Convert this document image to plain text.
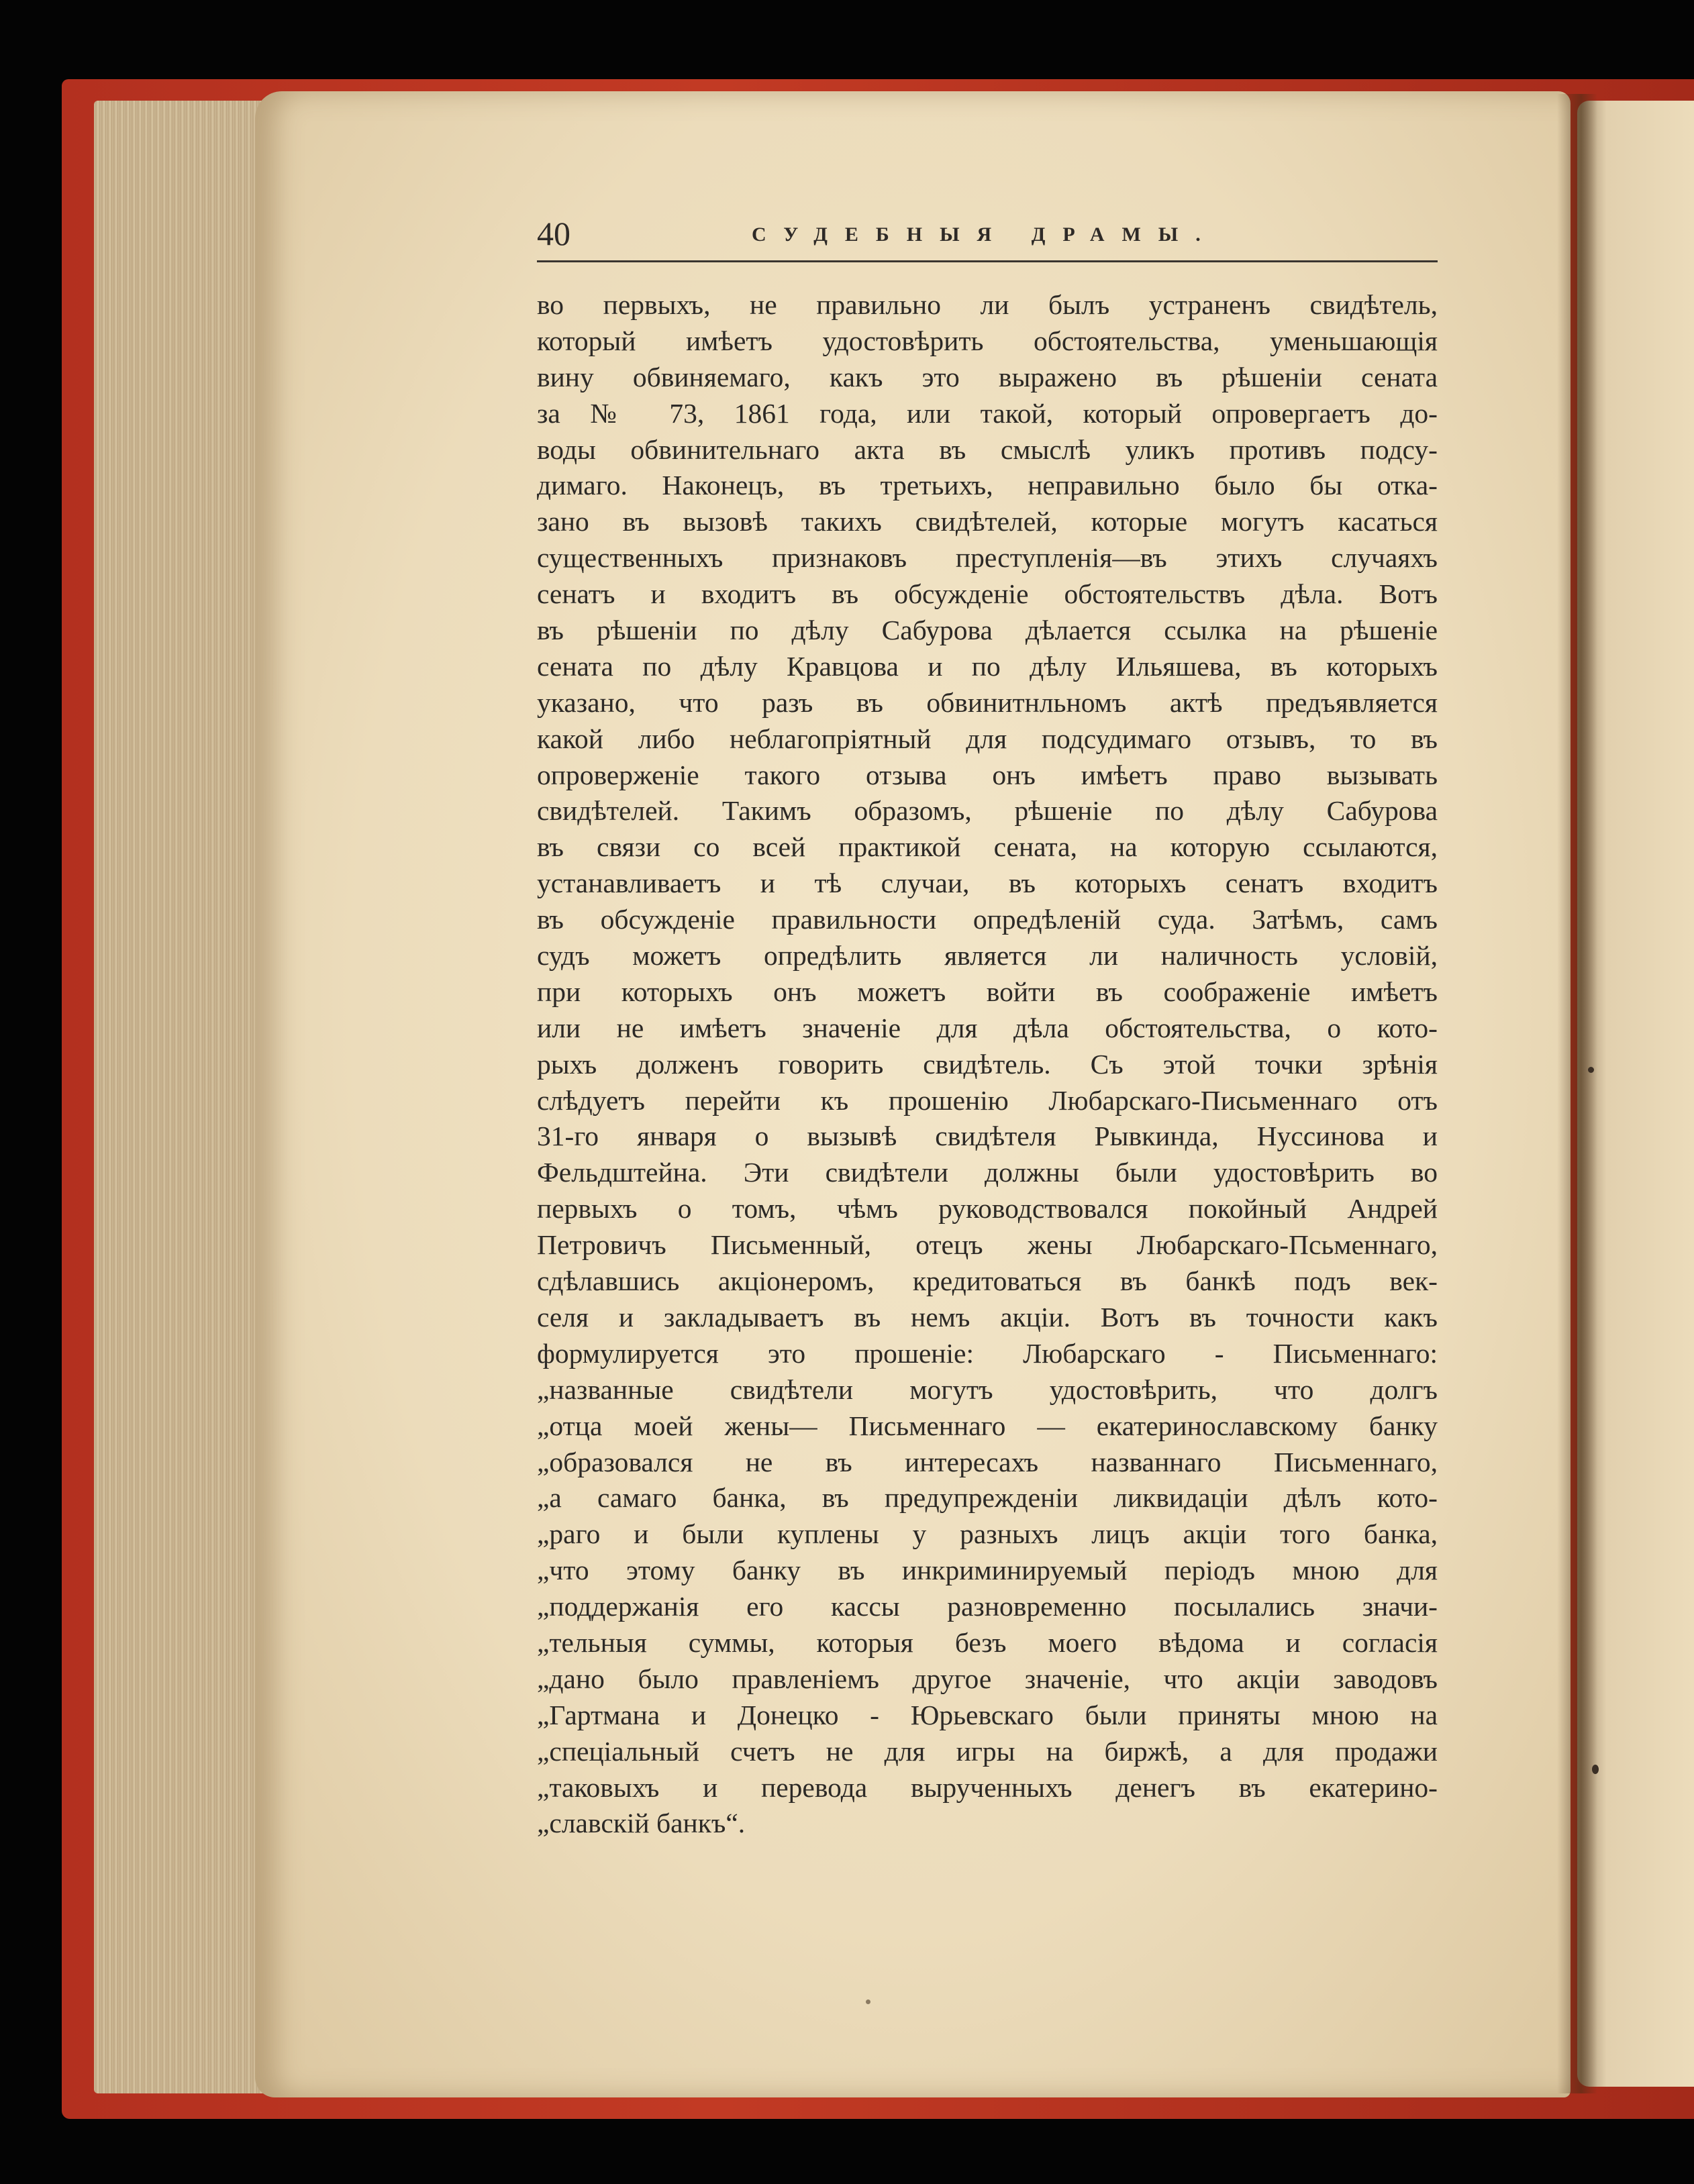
40	СУДЕБНЫЯ ДРАМЫ.
во первыхъ, не правильно ли былъ устраненъ свидѣтель,
который имѣетъ удостовѣрить обстоятельства, уменьшающія
вину обвиняемаго, какъ это выражено въ рѣшеніи сената
за № 73, 1861 года, или такой, который опровергаетъ до-
воды обвинительнаго акта въ смыслѣ уликъ противъ подсу-
димаго. Наконецъ, въ третьихъ, неправильно было бы отка-
зано въ вызовѣ такихъ свидѣтелей, которые могутъ касаться
существенныхъ признаковъ преступленія—въ этихъ случаяхъ
сенатъ и входитъ въ обсужденіе обстоятельствъ дѣла. Вотъ
въ рѣшеніи по дѣлу Сабурова дѣлается ссылка на рѣшеніе
сената по дѣлу Кравцова и по дѣлу Ильяшева, въ которыхъ
указано, что разъ въ обвинитнльномъ актѣ предъявляется
какой либо неблагопріятный для подсудимаго отзывъ, то въ
опроверженіе такого отзыва онъ имѣетъ право вызывать
свидѣтелей. Такимъ образомъ, рѣшеніе по дѣлу Сабурова
въ связи со всей практикой сената, на которую ссылаются,
устанавливаетъ и тѣ случаи, въ которыхъ сенатъ входитъ
въ обсужденіе правильности опредѣленій суда. Затѣмъ, самъ
судъ можетъ опредѣлить является ли наличность условій,
при которыхъ онъ можетъ войти въ соображеніе имѣетъ
или не имѣетъ значеніе для дѣла обстоятельства, о кото-
рыхъ долженъ говорить свидѣтель. Съ этой точки зрѣнія
слѣдуетъ перейти къ прошенію Любарскаго-Письменнаго отъ
31-го января о вызывѣ свидѣтеля Рывкинда, Нуссинова и
Фельдштейна. Эти свидѣтели должны были удостовѣрить во
первыхъ о томъ, чѣмъ руководствовался покойный Андрей
Петровичъ Письменный, отецъ жены Любарскаго-Псьменнаго,
сдѣлавшись акціонеромъ, кредитоваться въ банкѣ подъ век-
селя и закладываетъ въ немъ акціи. Вотъ въ точности какъ
формулируется это прошеніе: Любарскаго - Письменнаго:
„названные свидѣтели могутъ удостовѣрить, что долгъ
„отца моей жены— Письменнаго — екатеринославскому банку
„образовался не въ интересахъ названнаго Письменнаго,
„а самаго банка, въ предупрежденіи ликвидаціи дѣлъ кото-
„раго и были куплены у разныхъ лицъ акціи того банка,
„что этому банку въ инкриминируемый періодъ мною для
„поддержанія его кассы разновременно посылались значи-
„тельныя суммы, которыя безъ моего вѣдома и согласія
„дано было правленіемъ другое значеніе, что акціи заводовъ
„Гартмана и Донецко - Юрьевскаго были приняты мною на
„спеціальный счетъ не для игры на биржѣ, а для продажи
„таковыхъ и перевода вырученныхъ денегъ въ екатерино-
„славскій банкъ“.
